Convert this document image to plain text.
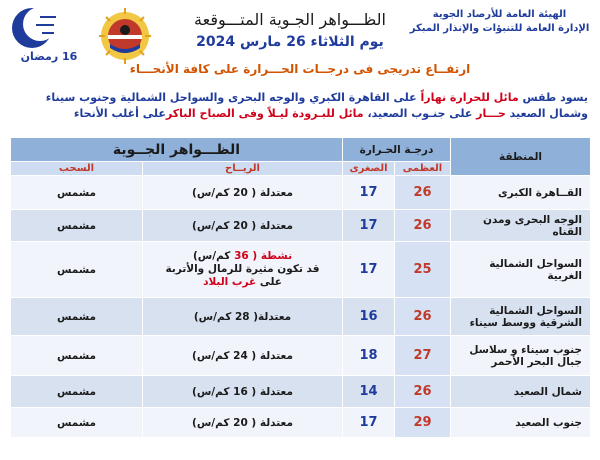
الهيئة العامة للأرصاد الجوية
الإدارة العامة للتنبؤات والإنذار المبكر
16 رمضان
الظـــواهر الجـوية المتـــوقعة
يوم الثلاثاء 26 مارس 2024
ارتفــاع تدريجى فى درجــات الحـــرارة على كافة الأنحـــاء
يسود طقس مائل للحرارة نهاراً على القاهرة الكبري والوجه البحرى والسواحل الشمالية وجنوب سيناء وشمال الصعيد حـــار على جنـوب الصعيد، مائل للبـرودة ليـلاً وفى الصباح الباكرعلى أغلب الأنحاء
المنطقة	درجـة الحـرارة		الظـــواهر الجــوية	
	العظمى	الصغرى	الريــاح	السحب
القــاهرة الكبرى	26	17	معتدلة ( 20 كم/س)	مشمس
الوجه البحرى ومدن القناه	26	17	معتدلة ( 20 كم/س)	مشمس
السواحل الشمالية الغربية	25	17	نشطة ( 36 كم/س)
قد تكون مثيرة للرمال والأتربة
على غرب البلاد	مشمس
السواحل الشمالية الشرقية ووسط سيناء	26	16	معتدلة( 28 كم/س)	مشمس
جنوب سيناء و سلاسل جبال البحر الأحمر	27	18	معتدلة ( 24 كم/س)	مشمس
شمال الصعيد	26	14	معتدلة ( 16 كم/س)	مشمس
جنوب الصعيد	29	17	معتدلة ( 20 كم/س)	مشمس
